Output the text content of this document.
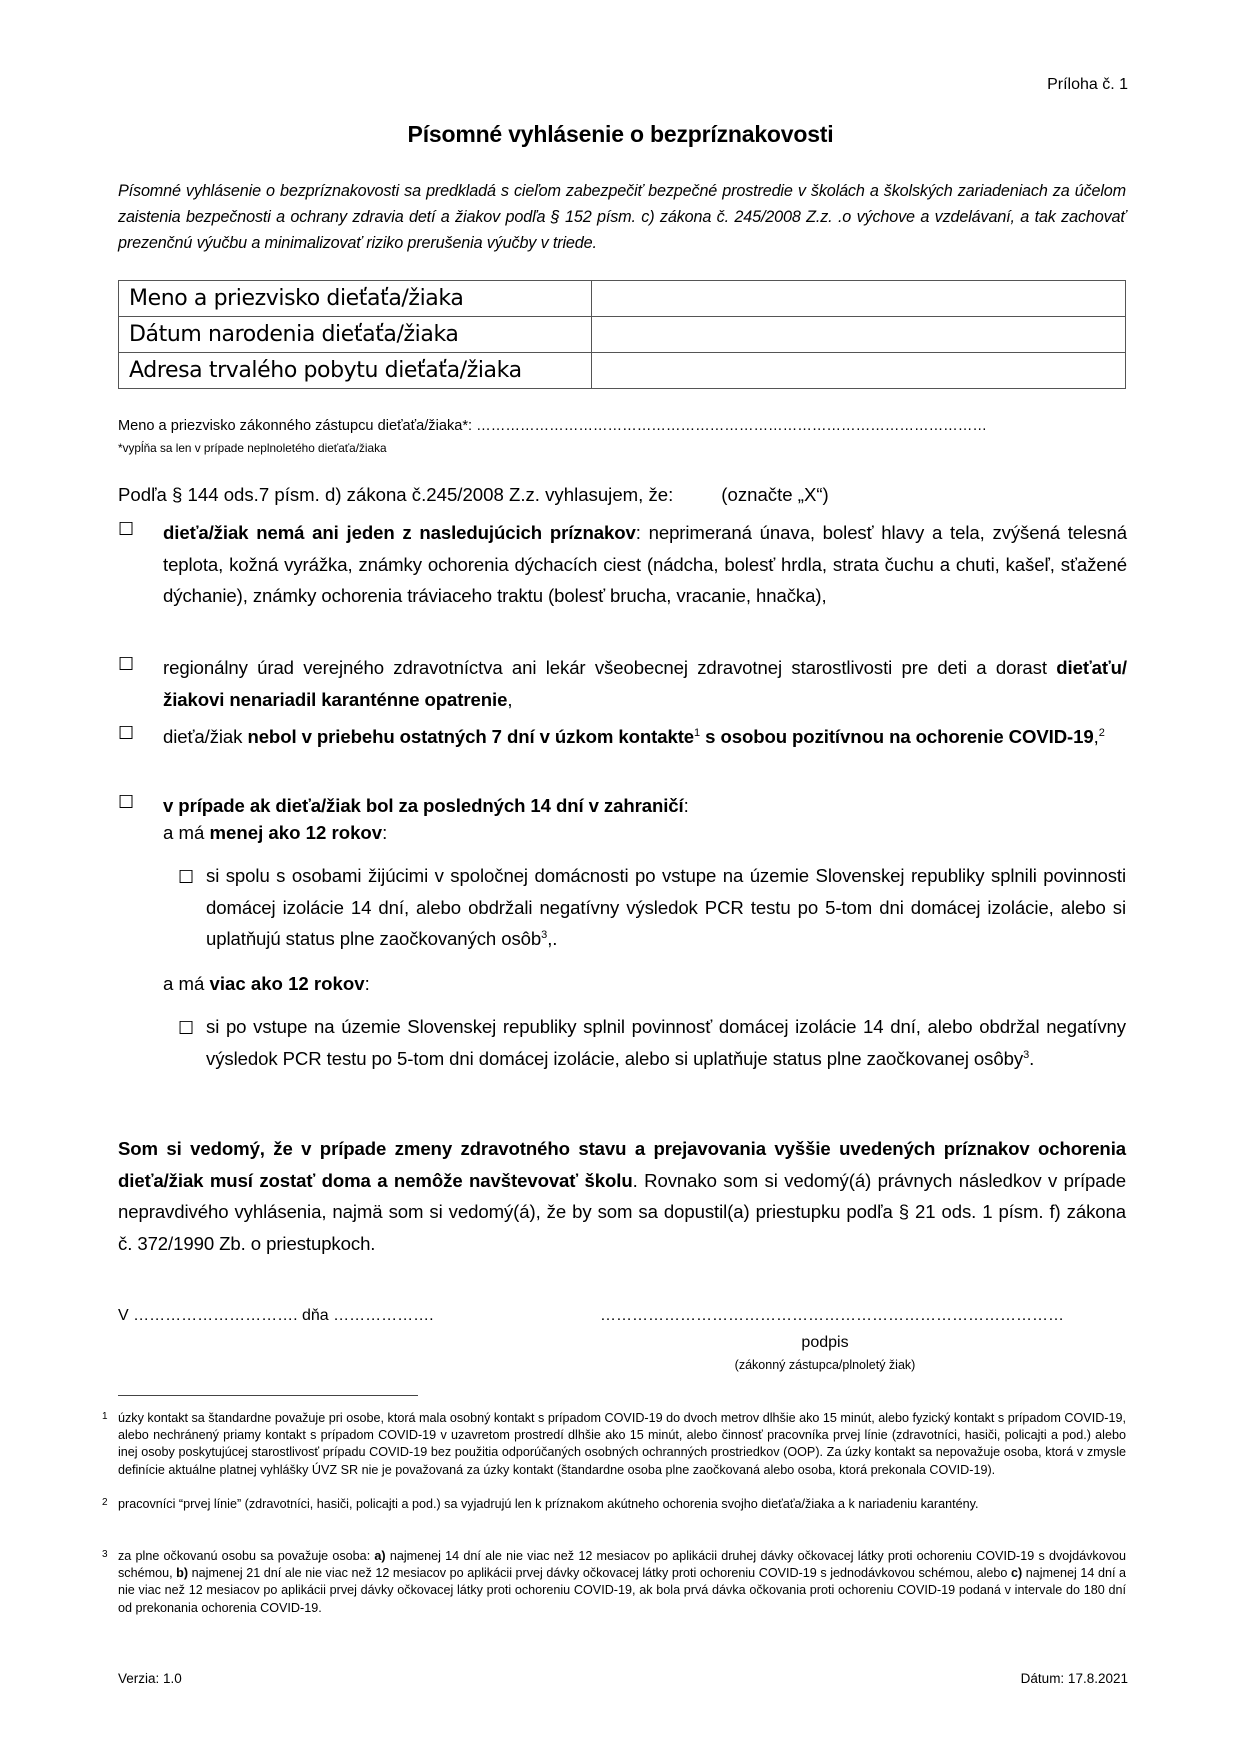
Príloha č. 1
Písomné vyhlásenie o bezpríznakovosti

Písomné vyhlásenie o bezpríznakovosti sa predkladá s cieľom zabezpečiť bezpečné prostredie v školách a školských zariadeniach za účelom zaistenia bezpečnosti a ochrany zdravia detí a žiakov podľa § 152 písm. c) zákona č. 245/2008 Z.z. .o výchove a vzdelávaní, a tak zachovať prezenčnú výučbu a minimalizovať riziko prerušenia výučby v triede.

Meno a priezvisko dieťaťa/žiaka	
Dátum narodenia dieťaťa/žiaka	
Adresa trvalého pobytu dieťaťa/žiaka	
Meno a priezvisko zákonného zástupcu dieťaťa/žiaka*: ……………………………………………………………………………………………
*vypĺňa sa len v prípade neplnoletého dieťaťa/žiaka
Podľa § 144 ods.7 písm. d) zákona č.245/2008 Z.z. vyhlasujem, že:	(označte „X“)
☐ dieťa/žiak nemá ani jeden z nasledujúcich príznakov: neprimeraná únava, bolesť hlavy a tela, zvýšená telesná teplota, kožná vyrážka, známky ochorenia dýchacích ciest (nádcha, bolesť hrdla, strata čuchu a chuti, kašeľ, sťažené dýchanie), známky ochorenia tráviaceho traktu (bolesť brucha, vracanie, hnačka),
☐ regionálny úrad verejného zdravotníctva ani lekár všeobecnej zdravotnej starostlivosti pre deti a dorast dieťaťu/žiakovi nenariadil karanténne opatrenie,
☐ dieťa/žiak nebol v priebehu ostatných 7 dní v úzkom kontakte$^1$ s osobou pozitívnou na ochorenie COVID-19,$^2$
☐ v prípade ak dieťa/žiak bol za posledných 14 dní v zahraničí:
a má menej ako 12 rokov:
☐ si spolu s osobami žijúcimi v spoločnej domácnosti po vstupe na územie Slovenskej republiky splnili povinnosti domácej izolácie 14 dní, alebo obdržali negatívny výsledok PCR testu po 5-tom dni domácej izolácie, alebo si uplatňujú status plne zaočkovaných osôb$^3$,.
a má viac ako 12 rokov:
☐ si po vstupe na územie Slovenskej republiky splnil povinnosť domácej izolácie 14 dní, alebo obdržal negatívny výsledok PCR testu po 5-tom dni domácej izolácie, alebo si uplatňuje status plne zaočkovanej osôby$^3$.
Som si vedomý, že v prípade zmeny zdravotného stavu a prejavovania vyššie uvedených príznakov ochorenia dieťa/žiak musí zostať doma a nemôže navštevovať školu. Rovnako som si vedomý(á) právnych následkov v prípade nepravdivého vyhlásenia, najmä som si vedomý(á), že by som sa dopustil(a) priestupku podľa § 21 ods. 1 písm. f) zákona č. 372/1990 Zb. o priestupkoch.
V …………………………. dňa ……………….	……………………………………………………………………………
podpis
(zákonný zástupca/plnoletý žiak)
1 úzky kontakt sa štandardne považuje pri osobe, ktorá mala osobný kontakt s prípadom COVID-19 do dvoch metrov dlhšie ako 15 minút, alebo fyzický kontakt s prípadom COVID-19, alebo nechránený priamy kontakt s prípadom COVID-19 v uzavretom prostredí dlhšie ako 15 minút, alebo činnosť pracovníka prvej línie (zdravotníci, hasiči, policajti a pod.) alebo inej osoby poskytujúcej starostlivosť prípadu COVID-19 bez použitia odporúčaných osobných ochranných prostriedkov (OOP). Za úzky kontakt sa nepovažuje osoba, ktorá v zmysle definície aktuálne platnej vyhlášky ÚVZ SR nie je považovaná za úzky kontakt (štandardne osoba plne zaočkovaná alebo osoba, ktorá prekonala COVID-19).
2 pracovníci “prvej línie” (zdravotníci, hasiči, policajti a pod.) sa vyjadrujú len k príznakom akútneho ochorenia svojho dieťaťa/žiaka a k nariadeniu karantény.
3 za plne očkovanú osobu sa považuje osoba: a) najmenej 14 dní ale nie viac než 12 mesiacov po aplikácii druhej dávky očkovacej látky proti ochoreniu COVID-19 s dvojdávkovou schémou, b) najmenej 21 dní ale nie viac než 12 mesiacov po aplikácii prvej dávky očkovacej látky proti ochoreniu COVID-19 s jednodávkovou schémou, alebo c) najmenej 14 dní a nie viac než 12 mesiacov po aplikácii prvej dávky očkovacej látky proti ochoreniu COVID-19, ak bola prvá dávka očkovania proti ochoreniu COVID-19 podaná v intervale do 180 dní od prekonania ochorenia COVID-19.
Verzia: 1.0	Dátum: 17.8.2021
